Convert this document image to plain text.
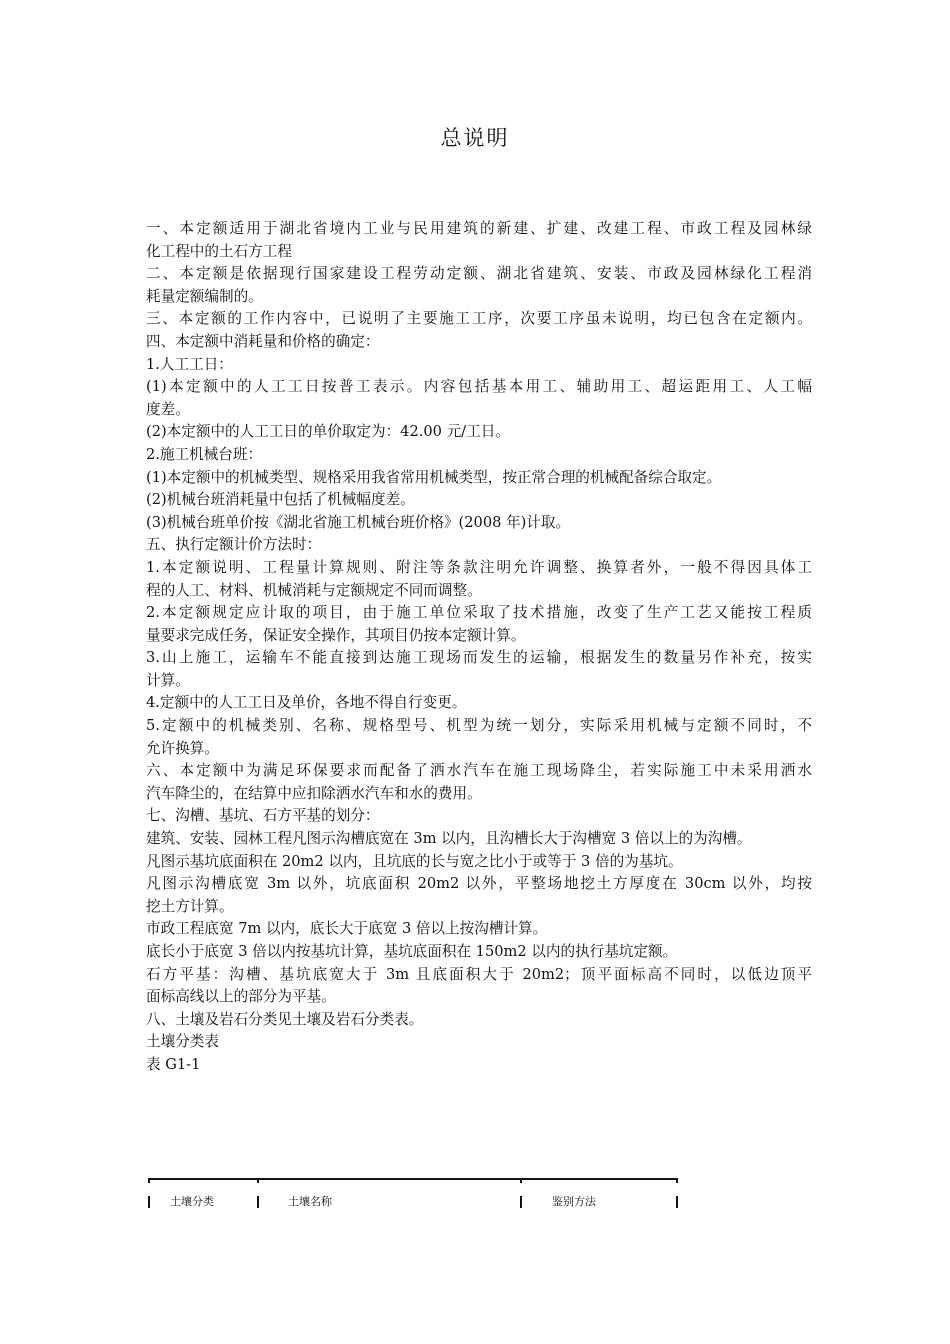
总说明
一、本定额适用于湖北省境内工业与民用建筑的新建、扩建、改建工程、市政工程及园林绿
化工程中的土石方工程
二、本定额是依据现行国家建设工程劳动定额、湖北省建筑、安装、市政及园林绿化工程消
耗量定额编制的。
三、本定额的工作内容中，已说明了主要施工工序，次要工序虽未说明，均已包含在定额内。
四、本定额中消耗量和价格的确定：
1.人工工日：
(1)本定额中的人工工日按普工表示。内容包括基本用工、辅助用工、超运距用工、人工幅
度差。
(2)本定额中的人工工日的单价取定为：42.00 元/工日。
2.施工机械台班：
(1)本定额中的机械类型、规格采用我省常用机械类型，按正常合理的机械配备综合取定。
(2)机械台班消耗量中包括了机械幅度差。
(3)机械台班单价按《湖北省施工机械台班价格》(2008 年)计取。
五、执行定额计价方法时：
1.本定额说明、工程量计算规则、附注等条款注明允许调整、换算者外，一般不得因具体工
程的人工、材料、机械消耗与定额规定不同而调整。
2.本定额规定应计取的项目，由于施工单位采取了技术措施，改变了生产工艺又能按工程质
量要求完成任务，保证安全操作，其项目仍按本定额计算。
3.山上施工，运输车不能直接到达施工现场而发生的运输，根据发生的数量另作补充，按实
计算。
4.定额中的人工工日及单价，各地不得自行变更。
5.定额中的机械类别、名称、规格型号、机型为统一划分，实际采用机械与定额不同时，不
允许换算。
六、本定额中为满足环保要求而配备了洒水汽车在施工现场降尘，若实际施工中未采用洒水
汽车降尘的，在结算中应扣除洒水汽车和水的费用。
七、沟槽、基坑、石方平基的划分：
建筑、安装、园林工程凡图示沟槽底宽在 3m 以内，且沟槽长大于沟槽宽 3 倍以上的为沟槽。
凡图示基坑底面积在 20m2 以内，且坑底的长与宽之比小于或等于 3 倍的为基坑。
凡图示沟槽底宽 3m 以外，坑底面积 20m2 以外，平整场地挖土方厚度在 30cm 以外，均按
挖土方计算。
市政工程底宽 7m 以内，底长大于底宽 3 倍以上按沟槽计算。
底长小于底宽 3 倍以内按基坑计算，基坑底面积在 150m2 以内的执行基坑定额。
石方平基：沟槽、基坑底宽大于 3m 且底面积大于 20m2；顶平面标高不同时，以低边顶平
面标高线以上的部分为平基。
八、土壤及岩石分类见土壤及岩石分类表。
土壤分类表
表 G1-1
土壤分类	土壤名称	鉴别方法
